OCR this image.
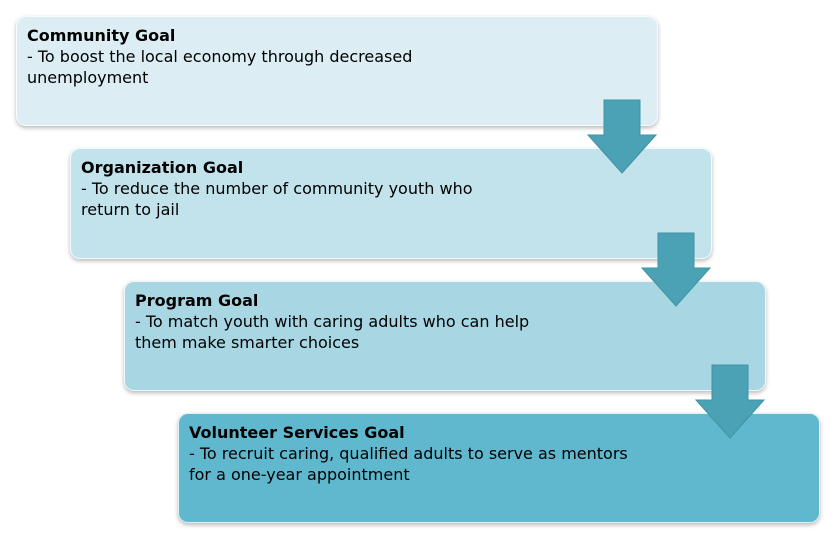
Community Goal

- To boost the local economy through decreased unemployment

Organization Goal

- To reduce the number of community youth who return to jail

Program Goal

- To match youth with caring adults who can help them make smarter choices

Volunteer Services Goal

- To recruit caring, qualified adults to serve as mentors for a one-year appointment
